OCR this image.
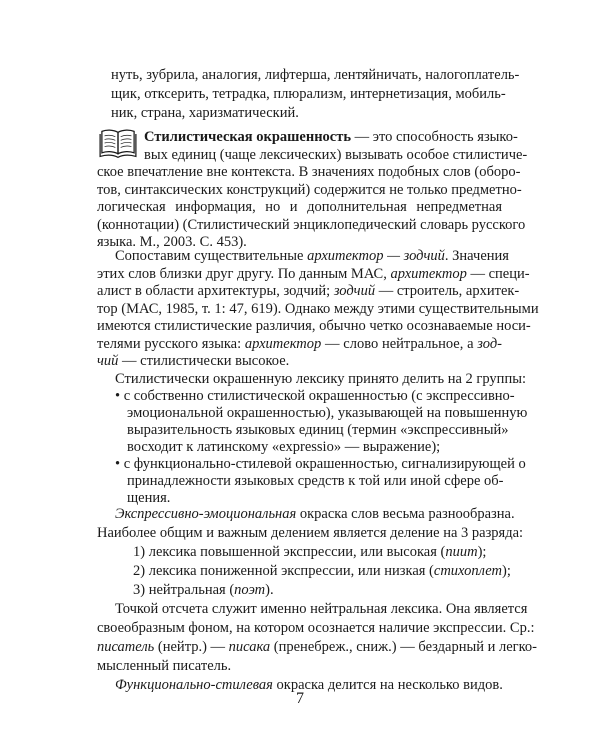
нуть, зубрила, аналогия, лифтерша, лентяйничать, налогоплатель-
щик, отксерить, тетрадка, плюрализм, интернетизация, мобиль-
ник, страна, харизматический.
Стилистическая окрашенность — это способность языко-
вых единиц (чаще лексических) вызывать особое стилистиче-
ское впечатление вне контекста. В значениях подобных слов (оборо-
тов, синтаксических конструкций) содержится не только предметно-
логическая информация, но и дополнительная непредметная
(коннотации) (Стилистический энциклопедический словарь русского
языка. М., 2003. С. 453).
Сопоставим существительные архитектор — зодчий. Значения
этих слов близки друг другу. По данным МАС, архитектор — специ-
алист в области архитектуры, зодчий; зодчий — строитель, архитек-
тор (МАС, 1985, т. 1: 47, 619). Однако между этими существительными
имеются стилистические различия, обычно четко осознаваемые носи-
телями русского языка: архитектор — слово нейтральное, а зод-
чий — стилистически высокое.
Стилистически окрашенную лексику принято делить на 2 группы:
• с собственно стилистической окрашенностью (с экспрессивно-
эмоциональной окрашенностью), указывающей на повышенную
выразительность языковых единиц (термин «экспрессивный»
восходит к латинскому «expressio» — выражение);
• с функционально-стилевой окрашенностью, сигнализирующей о
принадлежности языковых средств к той или иной сфере об-
щения.
Экспрессивно-эмоциональная окраска слов весьма разнообразна.
Наиболее общим и важным делением является деление на 3 разряда:
1) лексика повышенной экспрессии, или высокая (пиит);
2) лексика пониженной экспрессии, или низкая (стихоплет);
3) нейтральная (поэт).
Точкой отсчета служит именно нейтральная лексика. Она является
своеобразным фоном, на котором осознается наличие экспрессии. Ср.:
писатель (нейтр.) — писака (пренебреж., сниж.) — бездарный и легко-
мысленный писатель.
Функционально-стилевая окраска делится на несколько видов.
7
